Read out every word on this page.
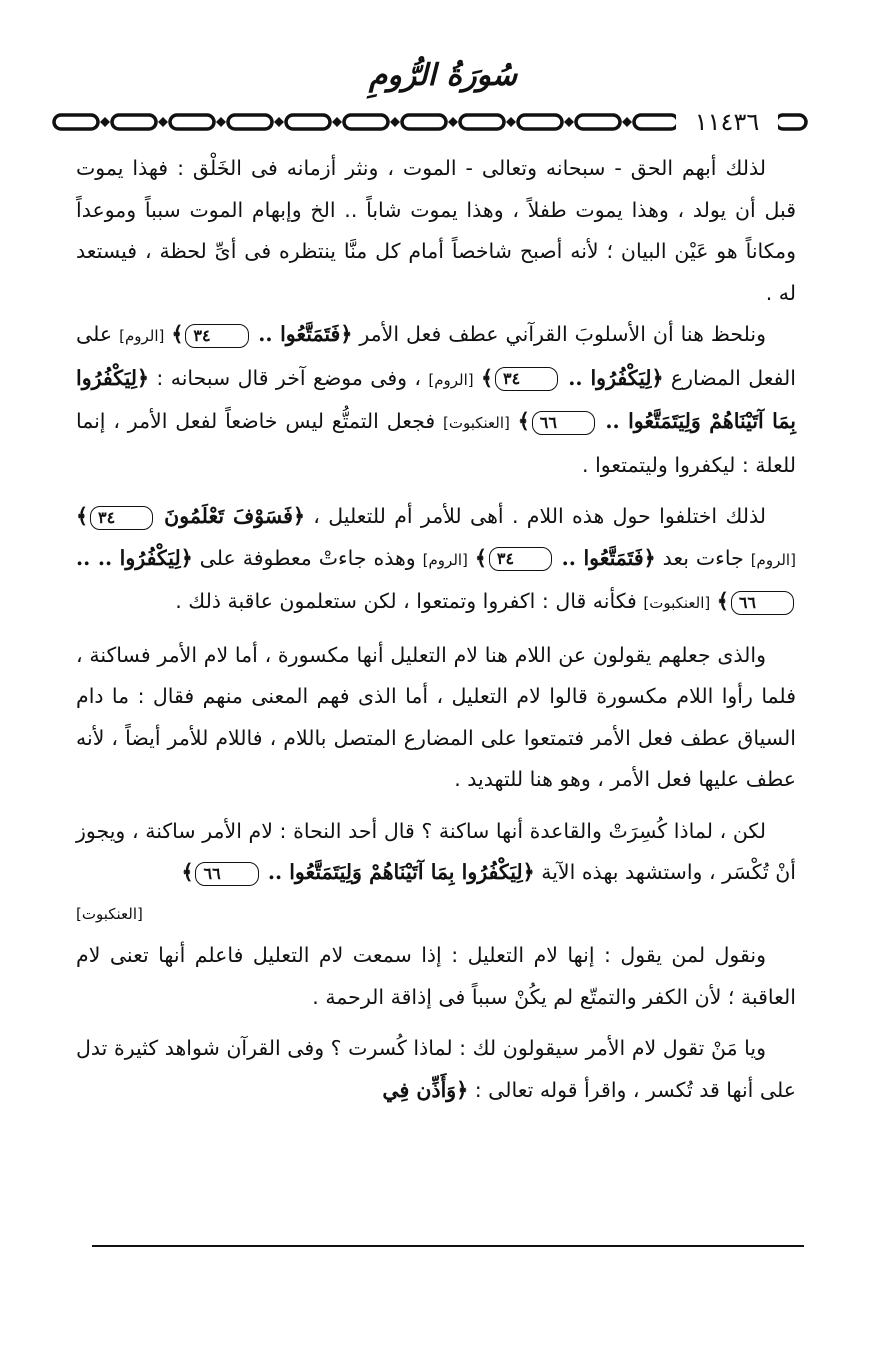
سُورَةُ الرُّومِ
١١٤٣٦

لذلك أبهم الحق - سبحانه وتعالى - الموت ، ونثر أزمانه فى الخَلْق : فهذا يموت قبل أن يولد ، وهذا يموت طفلاً ، وهذا يموت شاباً .. الخ وإبهام الموت سبباً وموعداً ومكاناً هو عَيْن البيان ؛ لأنه أصبح شاخصاً أمام كل منَّا ينتظره فى أىِّ لحظة ، فيستعد له .

ونلحظ هنا أن الأسلوبَ القرآني عطف فعل الأمر ﴿فَتَمَتَّعُوا .. ٣٤﴾ [الروم] على الفعل المضارع ﴿لِيَكْفُرُوا .. ٣٤﴾ [الروم] ، وفى موضع آخر قال سبحانه : ﴿لِيَكْفُرُوا بِمَا آتَيْنَاهُمْ وَلِيَتَمَتَّعُوا .. ٦٦﴾ [العنكبوت] فجعل التمتُّع ليس خاضعاً لفعل الأمر ، إنما للعلة : ليكفروا وليتمتعوا .

لذلك اختلفوا حول هذه اللام . أهى للأمر أم للتعليل ، ﴿فَسَوْفَ تَعْلَمُونَ ٣٤﴾ [الروم] جاءت بعد ﴿فَتَمَتَّعُوا .. ٣٤﴾ [الروم] وهذه جاءتْ معطوفة على ﴿لِيَكْفُرُوا .. .. ٦٦﴾ [العنكبوت] فكأنه قال : اكفروا وتمتعوا ، لكن ستعلمون عاقبة ذلك .

والذى جعلهم يقولون عن اللام هنا لام التعليل أنها مكسورة ، أما لام الأمر فساكنة ، فلما رأوا اللام مكسورة قالوا لام التعليل ، أما الذى فهم المعنى منهم فقال : ما دام السياق عطف فعل الأمر فتمتعوا على المضارع المتصل باللام ، فاللام للأمر أيضاً ، لأنه عطف عليها فعل الأمر ، وهو هنا للتهديد .

لكن ، لماذا كُسِرَتْ والقاعدة أنها ساكنة ؟ قال أحد النحاة : لام الأمر ساكنة ، ويجوز أنْ تُكْسَر ، واستشهد بهذه الآية ﴿لِيَكْفُرُوا بِمَا آتَيْنَاهُمْ وَلِيَتَمَتَّعُوا .. ٦٦﴾
[العنكبوت]

ونقول لمن يقول : إنها لام التعليل : إذا سمعت لام التعليل فاعلم أنها تعنى لام العاقبة ؛ لأن الكفر والتمتّع لم يكُنْ سبباً فى إذاقة الرحمة .

ويا مَنْ تقول لام الأمر سيقولون لك : لماذا كُسرت ؟ وفى القرآن شواهد كثيرة تدل على أنها قد تُكسر ، واقرأ قوله تعالى : ﴿وَأَذِّن فِي
